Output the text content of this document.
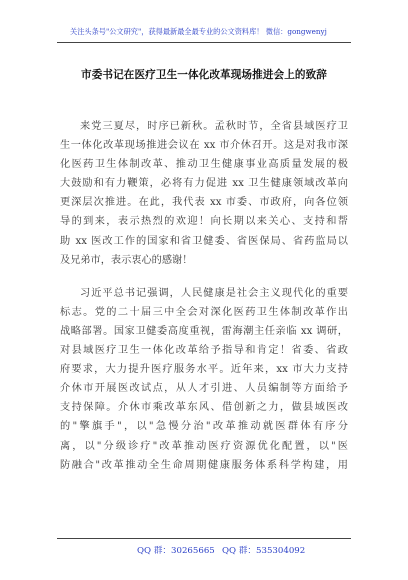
关注头条号"公文研究"，获得最新最全最专业的公文资料库！ 微信：gongwenyj
市委书记在医疗卫生一体化改革现场推进会上的致辞
来党三夏尽，时序已新秋。孟秋时节，全省县域医疗卫
生一体化改革现场推进会议在 xx 市介休召开。这是对我市深
化医药卫生体制改革、推动卫生健康事业高质量发展的极
大鼓励和有力鞭策，必将有力促进 xx 卫生健康领域改革向
更深层次推进。在此，我代表 xx 市委、市政府，向各位领
导的到来，表示热烈的欢迎！向长期以来关心、支持和帮
助 xx 医改工作的国家和省卫健委、省医保局、省药监局以
及兄弟市，表示衷心的感谢！
习近平总书记强调，人民健康是社会主义现代化的重要
标志。党的二十届三中全会对深化医药卫生体制改革作出
战略部署。国家卫健委高度重视，雷海潮主任亲临 xx 调研，
对县域医疗卫生一体化改革给予指导和肯定！省委、省政
府要求，大力提升医疗服务水平。近年来，xx 市大力支持
介休市开展医改试点，从人才引进、人员编制等方面给予
支持保障。介休市乘改革东风、借创新之力，做县域医改
的"擎旗手"，以"急慢分治"改革推动就医群体有序分
离，以"分级诊疗"改革推动医疗资源优化配置，以"医
防融合"改革推动全生命周期健康服务体系科学构建，用
QQ 群：30265665 QQ 群：535304092
